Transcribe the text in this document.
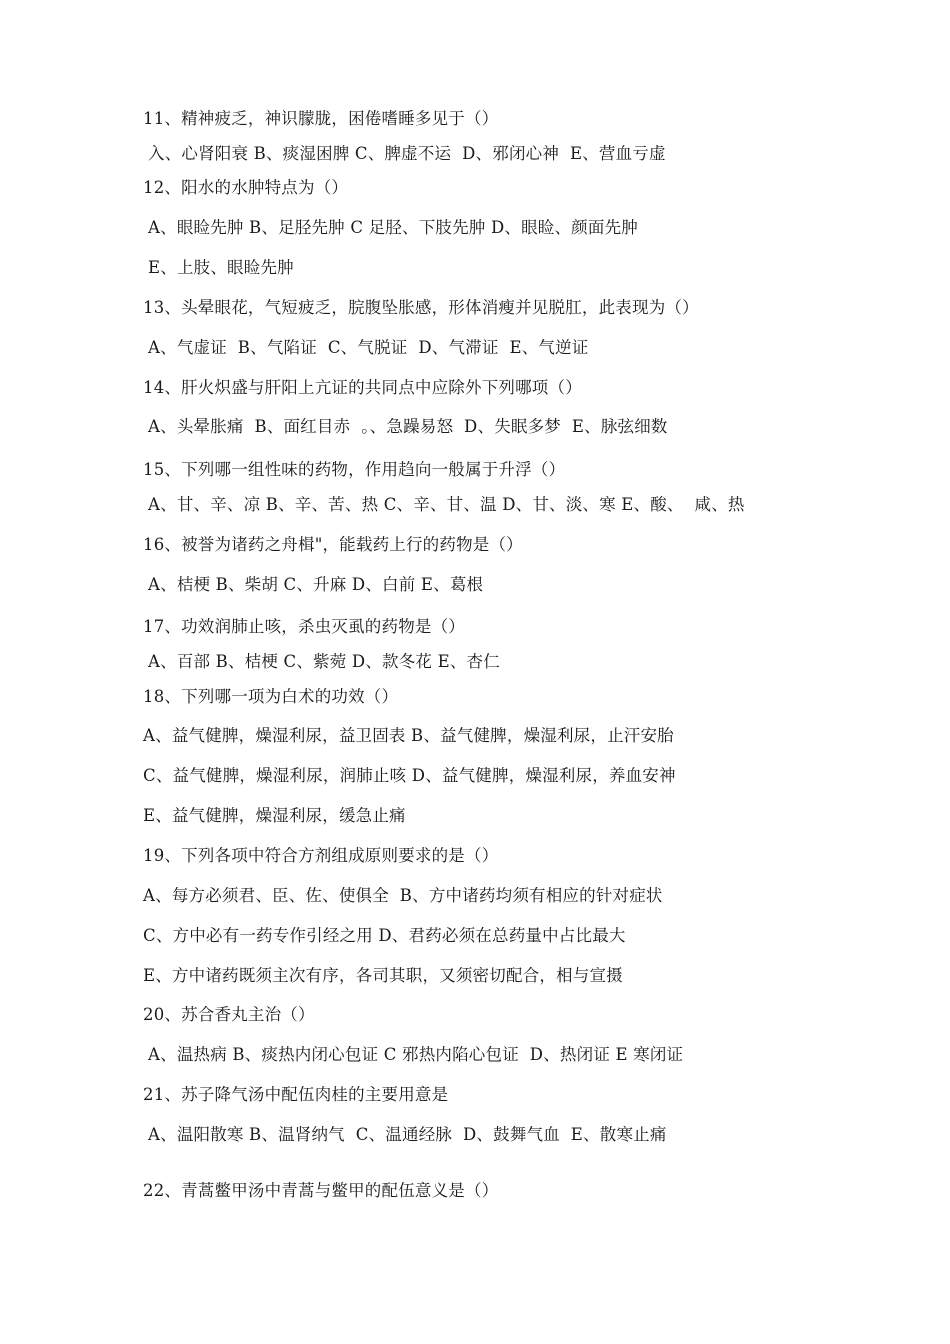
11、精神疲乏，神识朦胧，困倦嗜睡多见于（）
入、心肾阳衰 B、痰湿困脾 C、脾虚不运  D、邪闭心神  E、营血亏虚
12、阳水的水肿特点为（）
A、眼睑先肿 B、足胫先肿 C 足胫、下肢先肿 D、眼睑、颜面先肿
E、上肢、眼睑先肿
13、头晕眼花，气短疲乏，脘腹坠胀感，形体消瘦并见脱肛，此表现为（）
A、气虚证  B、气陷证  C、气脱证  D、气滞证  E、气逆证
14、肝火炽盛与肝阳上亢证的共同点中应除外下列哪项（）
A、头晕胀痛  B、面红目赤  。、急躁易怒  D、失眠多梦  E、脉弦细数
15、下列哪一组性味的药物，作用趋向一般属于升浮（）
A、甘、辛、凉 B、辛、苦、热 C、辛、甘、温 D、甘、淡、寒 E、酸、  咸、热
16、被誉为诸药之舟楫"，能载药上行的药物是（）
A、桔梗 B、柴胡 C、升麻 D、白前 E、葛根
17、功效润肺止咳，杀虫灭虱的药物是（）
A、百部 B、桔梗 C、紫菀 D、款冬花 E、杏仁
18、下列哪一项为白术的功效（）
A、益气健脾，燥湿利尿，益卫固表 B、益气健脾，燥湿利尿，止汗安胎
C、益气健脾，燥湿利尿，润肺止咳 D、益气健脾，燥湿利尿，养血安神
E、益气健脾，燥湿利尿，缓急止痛
19、下列各项中符合方剂组成原则要求的是（）
A、每方必须君、臣、佐、使俱全  B、方中诸药均须有相应的针对症状
C、方中必有一药专作引经之用 D、君药必须在总药量中占比最大
E、方中诸药既须主次有序，各司其职，又须密切配合，相与宣摄
20、苏合香丸主治（）
A、温热病 B、痰热内闭心包证 C 邪热内陷心包证  D、热闭证 E 寒闭证
21、苏子降气汤中配伍肉桂的主要用意是
A、温阳散寒 B、温肾纳气  C、温通经脉  D、鼓舞气血  E、散寒止痛
22、青蒿鳖甲汤中青蒿与鳖甲的配伍意义是（）
